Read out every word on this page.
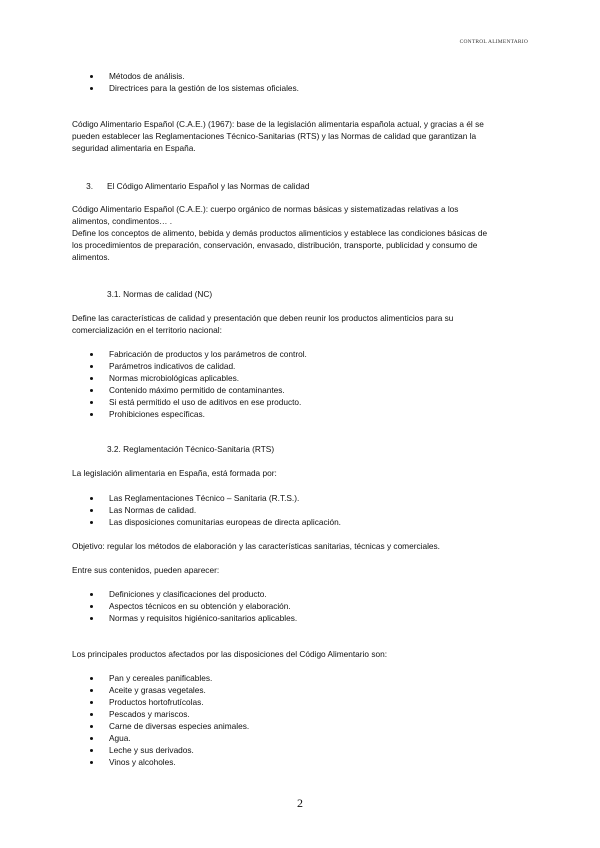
CONTROL ALIMENTARIO
Métodos de análisis.
Directrices para la gestión de los sistemas oficiales.

Código Alimentario Español (C.A.E.) (1967): base de la legislación alimentaria española actual, y gracias a él se

pueden establecer las Reglamentaciones Técnico-Sanitarias (RTS) y las Normas de calidad que garantizan la

seguridad alimentaria en España.

3. El Código Alimentario Español y las Normas de calidad

Código Alimentario Español (C.A.E.): cuerpo orgánico de normas básicas y sistematizadas relativas a los

alimentos, condimentos… .

Define los conceptos de alimento, bebida y demás productos alimenticios y establece las condiciones básicas de

los procedimientos de preparación, conservación, envasado, distribución, transporte, publicidad y consumo de

alimentos.

3.1. Normas de calidad (NC)

Define las características de calidad y presentación que deben reunir los productos alimenticios para su

comercialización en el territorio nacional:

Fabricación de productos y los parámetros de control.
Parámetros indicativos de calidad.
Normas microbiológicas aplicables.
Contenido máximo permitido de contaminantes.
Si está permitido el uso de aditivos en ese producto.
Prohibiciones específicas.
3.2. Reglamentación Técnico-Sanitaria (RTS)
La legislación alimentaria en España, está formada por:
Las Reglamentaciones Técnico – Sanitaria (R.T.S.).
Las Normas de calidad.
Las disposiciones comunitarias europeas de directa aplicación.
Objetivo: regular los métodos de elaboración y las características sanitarias, técnicas y comerciales.
Entre sus contenidos, pueden aparecer:
Definiciones y clasificaciones del producto.
Aspectos técnicos en su obtención y elaboración.
Normas y requisitos higiénico-sanitarios aplicables.
Los principales productos afectados por las disposiciones del Código Alimentario son:
Pan y cereales panificables.
Aceite y grasas vegetales.
Productos hortofrutícolas.
Pescados y mariscos.
Carne de diversas especies animales.
Agua.
Leche y sus derivados.
Vinos y alcoholes.
2
